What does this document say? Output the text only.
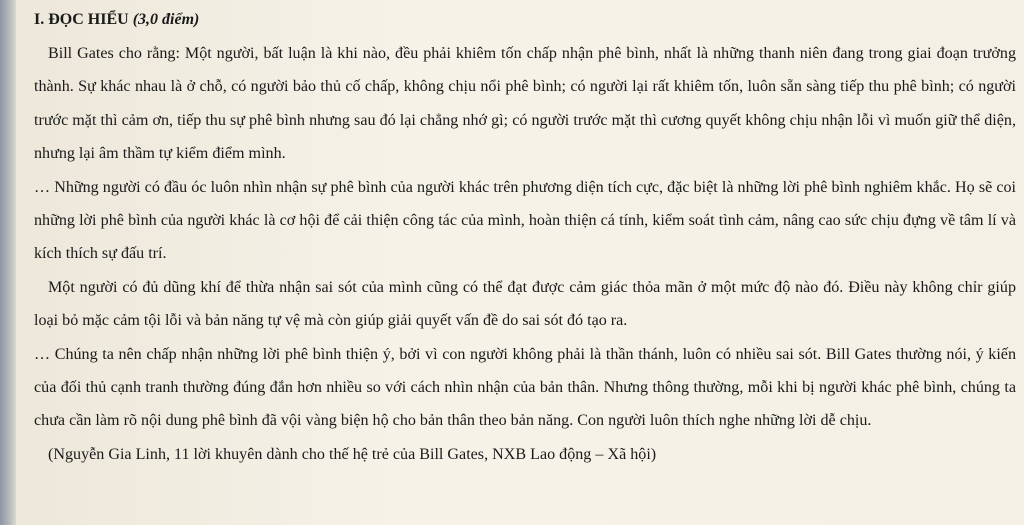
I. ĐỌC HIỂU (3,0 điểm)

Bill Gates cho rằng: Một người, bất luận là khi nào, đều phải khiêm tốn chấp nhận phê bình, nhất là những thanh niên đang trong giai đoạn trưởng thành. Sự khác nhau là ở chỗ, có người bảo thủ cố chấp, không chịu nổi phê bình; có người lại rất khiêm tốn, luôn sẵn sàng tiếp thu phê bình; có người trước mặt thì cảm ơn, tiếp thu sự phê bình nhưng sau đó lại chẳng nhớ gì; có người trước mặt thì cương quyết không chịu nhận lỗi vì muốn giữ thể diện, nhưng lại âm thầm tự kiểm điểm mình.

… Những người có đầu óc luôn nhìn nhận sự phê bình của người khác trên phương diện tích cực, đặc biệt là những lời phê bình nghiêm khắc. Họ sẽ coi những lời phê bình của người khác là cơ hội để cải thiện công tác của mình, hoàn thiện cá tính, kiểm soát tình cảm, nâng cao sức chịu đựng về tâm lí và kích thích sự đấu trí.

Một người có đủ dũng khí để thừa nhận sai sót của mình cũng có thể đạt được cảm giác thỏa mãn ở một mức độ nào đó. Điều này không chỉr giúp loại bỏ mặc cảm tội lỗi và bản năng tự vệ mà còn giúp giải quyết vấn đề do sai sót đó tạo ra.

… Chúng ta nên chấp nhận những lời phê bình thiện ý, bởi vì con người không phải là thần thánh, luôn có nhiều sai sót. Bill Gates thường nói, ý kiến của đối thủ cạnh tranh thường đúng đắn hơn nhiều so với cách nhìn nhận của bản thân. Nhưng thông thường, mỗi khi bị người khác phê bình, chúng ta chưa cần làm rõ nội dung phê bình đã vội vàng biện hộ cho bản thân theo bản năng. Con người luôn thích nghe những lời dễ chịu.

(Nguyễn Gia Linh, 11 lời khuyên dành cho thế hệ trẻ của Bill Gates, NXB Lao động – Xã hội)
